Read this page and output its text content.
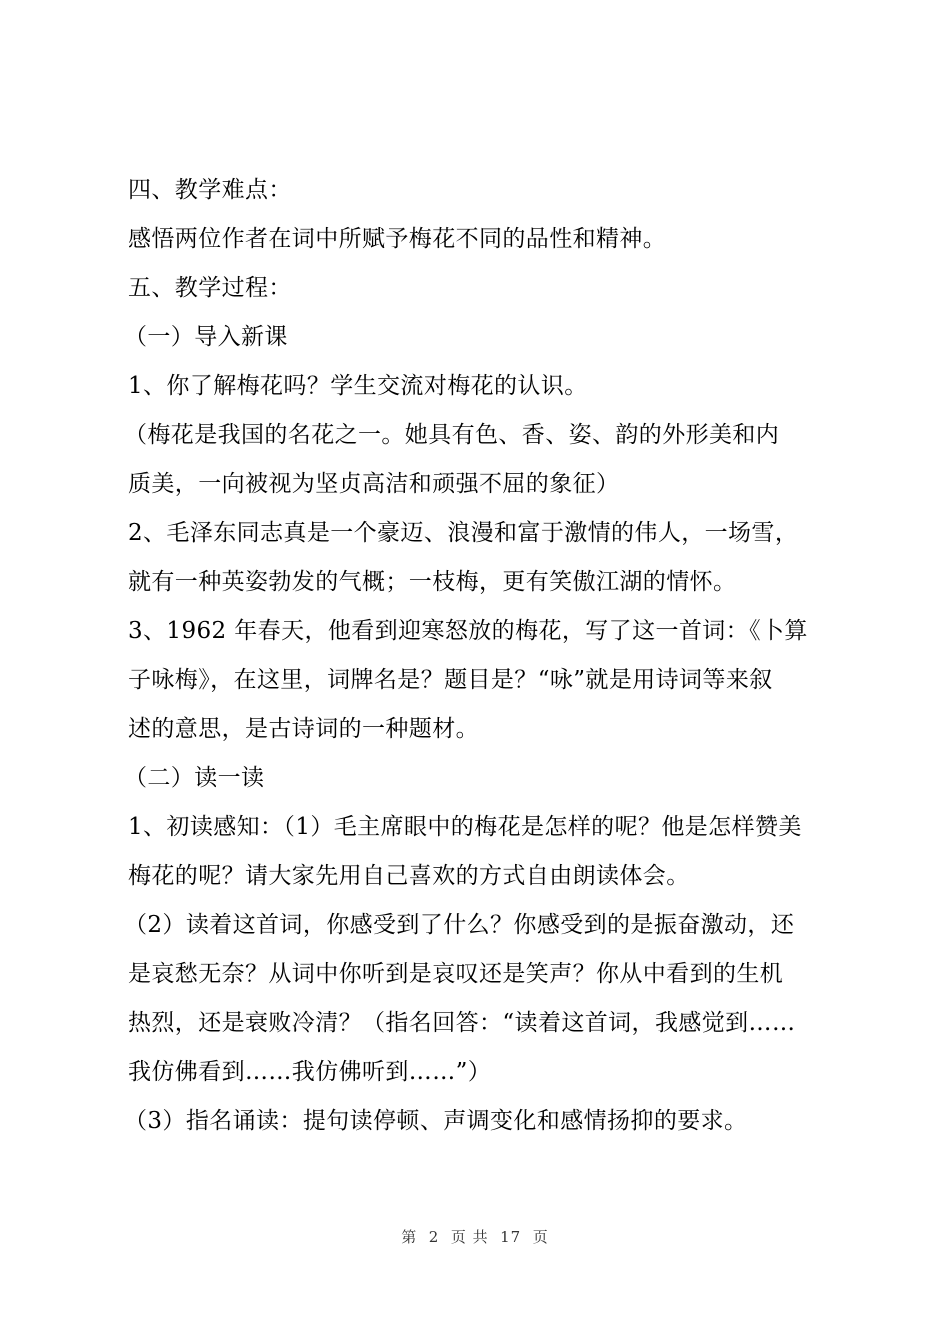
四、教学难点：
感悟两位作者在词中所赋予梅花不同的品性和精神。
五、教学过程：
（一）导入新课
1、你了解梅花吗？学生交流对梅花的认识。
（梅花是我国的名花之一。她具有色、香、姿、韵的外形美和内
质美，一向被视为坚贞高洁和顽强不屈的象征）
2、毛泽东同志真是一个豪迈、浪漫和富于激情的伟人，一场雪，
就有一种英姿勃发的气概；一枝梅，更有笑傲江湖的情怀。
3、1962 年春天，他看到迎寒怒放的梅花，写了这一首词：《卜算
子咏梅》，在这里，词牌名是？题目是？“咏”就是用诗词等来叙
述的意思，是古诗词的一种题材。
（二）读一读
1、初读感知：（1）毛主席眼中的梅花是怎样的呢？他是怎样赞美
梅花的呢？请大家先用自己喜欢的方式自由朗读体会。
（2）读着这首词，你感受到了什么？你感受到的是振奋激动，还
是哀愁无奈？从词中你听到是哀叹还是笑声？你从中看到的生机
热烈，还是衰败冷清？（指名回答：“读着这首词，我感觉到……
我仿佛看到……我仿佛听到……”）
（3）指名诵读：提句读停顿、声调变化和感情扬抑的要求。
第  2  页 共  17  页
